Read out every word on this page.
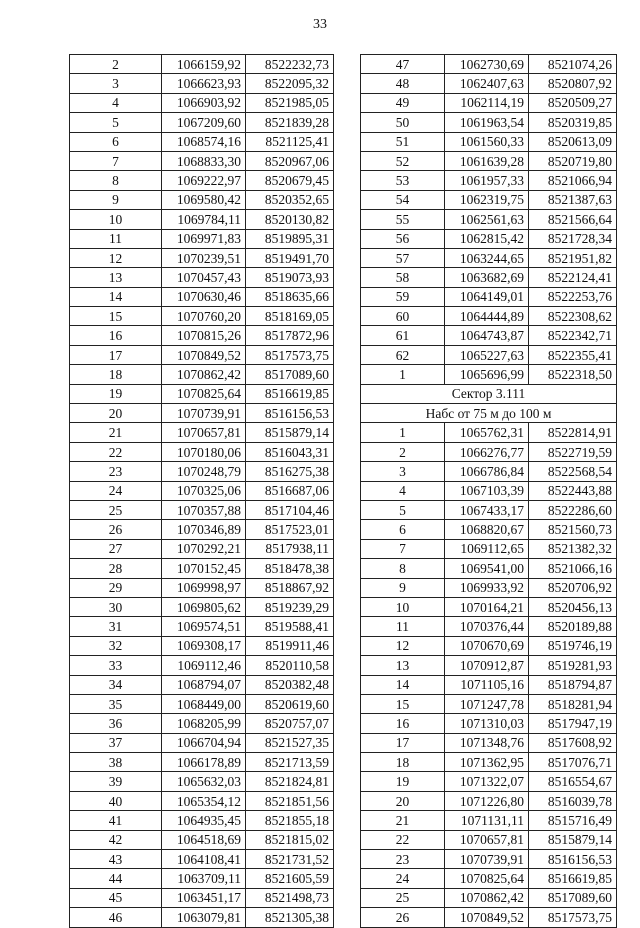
33
2	1066159,92	8522232,73
3	1066623,93	8522095,32
4	1066903,92	8521985,05
5	1067209,60	8521839,28
6	1068574,16	8521125,41
7	1068833,30	8520967,06
8	1069222,97	8520679,45
9	1069580,42	8520352,65
10	1069784,11	8520130,82
11	1069971,83	8519895,31
12	1070239,51	8519491,70
13	1070457,43	8519073,93
14	1070630,46	8518635,66
15	1070760,20	8518169,05
16	1070815,26	8517872,96
17	1070849,52	8517573,75
18	1070862,42	8517089,60
19	1070825,64	8516619,85
20	1070739,91	8516156,53
21	1070657,81	8515879,14
22	1070180,06	8516043,31
23	1070248,79	8516275,38
24	1070325,06	8516687,06
25	1070357,88	8517104,46
26	1070346,89	8517523,01
27	1070292,21	8517938,11
28	1070152,45	8518478,38
29	1069998,97	8518867,92
30	1069805,62	8519239,29
31	1069574,51	8519588,41
32	1069308,17	8519911,46
33	1069112,46	8520110,58
34	1068794,07	8520382,48
35	1068449,00	8520619,60
36	1068205,99	8520757,07
37	1066704,94	8521527,35
38	1066178,89	8521713,59
39	1065632,03	8521824,81
40	1065354,12	8521851,56
41	1064935,45	8521855,18
42	1064518,69	8521815,02
43	1064108,41	8521731,52
44	1063709,11	8521605,59
45	1063451,17	8521498,73
46	1063079,81	8521305,38
47	1062730,69	8521074,26
48	1062407,63	8520807,92
49	1062114,19	8520509,27
50	1061963,54	8520319,85
51	1061560,33	8520613,09
52	1061639,28	8520719,80
53	1061957,33	8521066,94
54	1062319,75	8521387,63
55	1062561,63	8521566,64
56	1062815,42	8521728,34
57	1063244,65	8521951,82
58	1063682,69	8522124,41
59	1064149,01	8522253,76
60	1064444,89	8522308,62
61	1064743,87	8522342,71
62	1065227,63	8522355,41
1	1065696,99	8522318,50
Сектор 3.111		
Набс от 75 м до 100 м		
1	1065762,31	8522814,91
2	1066276,77	8522719,59
3	1066786,84	8522568,54
4	1067103,39	8522443,88
5	1067433,17	8522286,60
6	1068820,67	8521560,73
7	1069112,65	8521382,32
8	1069541,00	8521066,16
9	1069933,92	8520706,92
10	1070164,21	8520456,13
11	1070376,44	8520189,88
12	1070670,69	8519746,19
13	1070912,87	8519281,93
14	1071105,16	8518794,87
15	1071247,78	8518281,94
16	1071310,03	8517947,19
17	1071348,76	8517608,92
18	1071362,95	8517076,71
19	1071322,07	8516554,67
20	1071226,80	8516039,78
21	1071131,11	8515716,49
22	1070657,81	8515879,14
23	1070739,91	8516156,53
24	1070825,64	8516619,85
25	1070862,42	8517089,60
26	1070849,52	8517573,75
